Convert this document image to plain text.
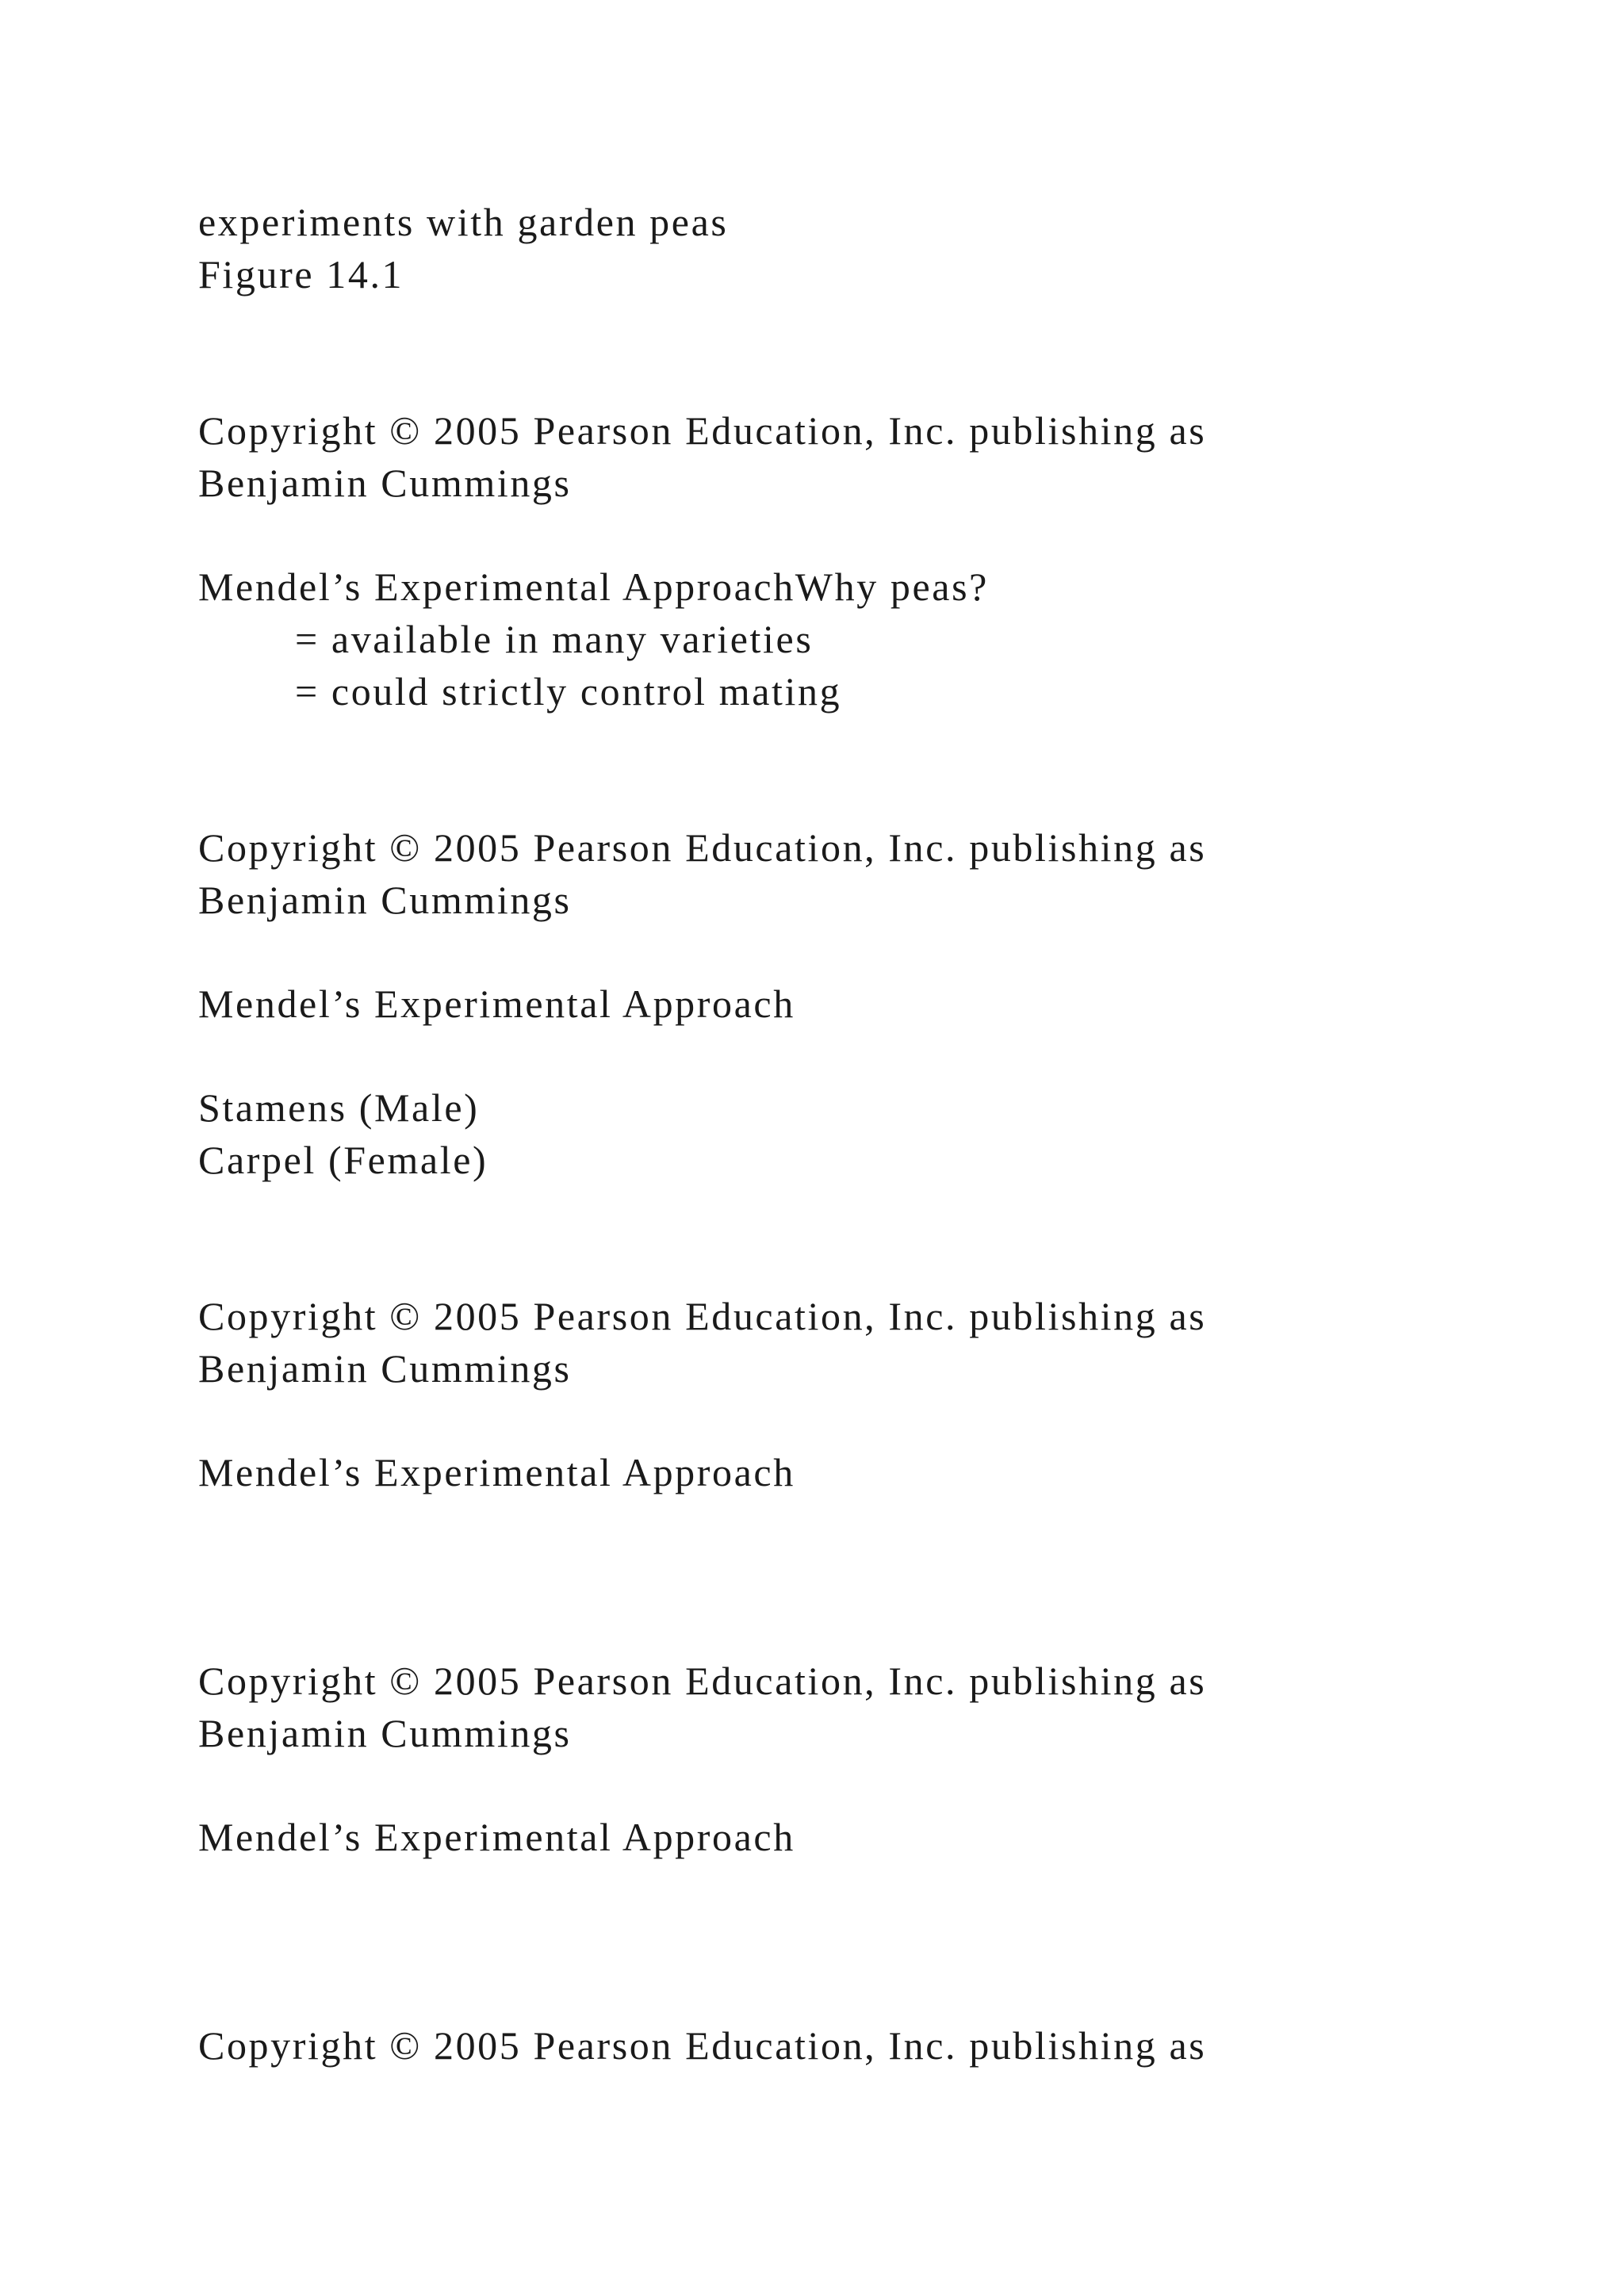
experiments with garden peas

Figure 14.1

Copyright © 2005 Pearson Education, Inc. publishing as

Benjamin Cummings

Mendel’s Experimental ApproachWhy peas?

= available in many varieties

= could strictly control mating

Copyright © 2005 Pearson Education, Inc. publishing as

Benjamin Cummings

Mendel’s Experimental Approach

Stamens (Male)

Carpel (Female)

Copyright © 2005 Pearson Education, Inc. publishing as

Benjamin Cummings

Mendel’s Experimental Approach

Copyright © 2005 Pearson Education, Inc. publishing as

Benjamin Cummings

Mendel’s Experimental Approach

Copyright © 2005 Pearson Education, Inc. publishing as
